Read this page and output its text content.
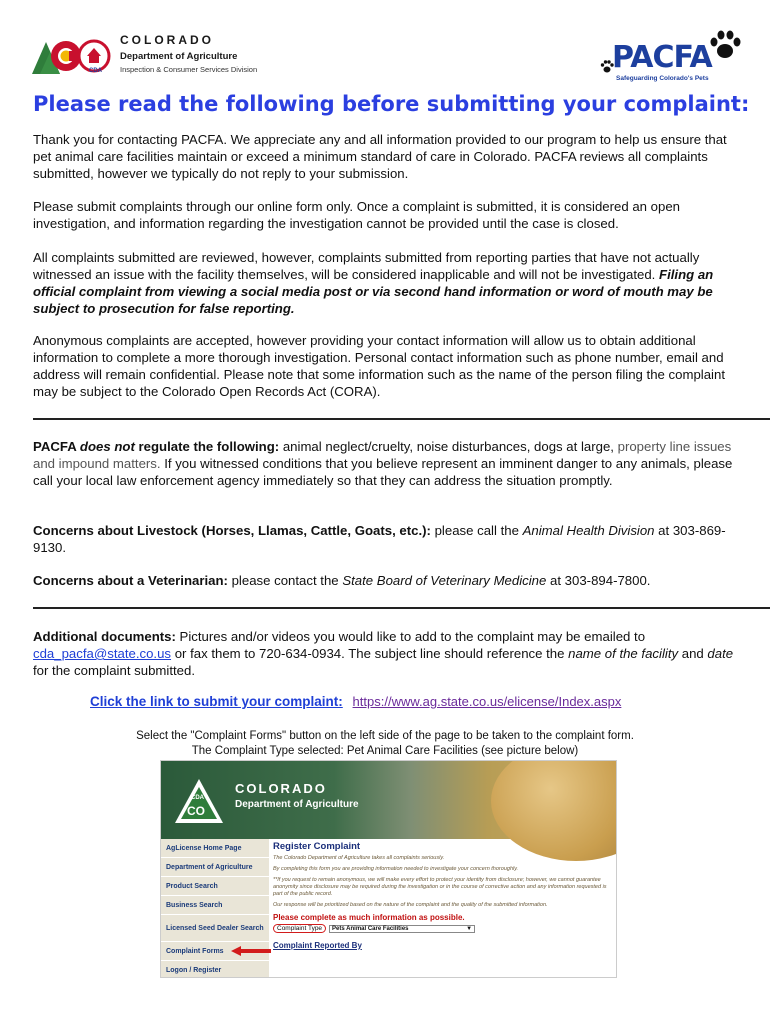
CDA
COLORADO
Department of Agriculture
Inspection & Consumer Services Division	PACFA
Safeguarding Colorado's Pets
Please read the following before submitting your complaint:

Thank you for contacting PACFA. We appreciate any and all information provided to our program to help us ensure that pet animal care facilities maintain or exceed a minimum standard of care in Colorado. PACFA reviews all complaints submitted, however we typically do not reply to your submission.

Please submit complaints through our online form only. Once a complaint is submitted, it is considered an open investigation, and information regarding the investigation cannot be provided until the case is closed.

All complaints submitted are reviewed, however, complaints submitted from reporting parties that have not actually witnessed an issue with the facility themselves, will be considered inapplicable and will not be investigated. Filing an official complaint from viewing a social media post or via second hand information or word of mouth may be subject to prosecution for false reporting.

Anonymous complaints are accepted, however providing your contact information will allow us to obtain additional information to complete a more thorough investigation. Personal contact information such as phone number, email and address will remain confidential. Please note that some information such as the name of the person filing the complaint may be subject to the Colorado Open Records Act (CORA).

PACFA does not regulate the following: animal neglect/cruelty, noise disturbances, dogs at large, property line issues and impound matters. If you witnessed conditions that you believe represent an imminent danger to any animals, please call your local law enforcement agency immediately so that they can address the situation promptly.

Concerns about Livestock (Horses, Llamas, Cattle, Goats, etc.): please call the Animal Health Division at 303-869-9130.

Concerns about a Veterinarian: please contact the State Board of Veterinary Medicine at 303-894-7800.

Additional documents: Pictures and/or videos you would like to add to the complaint may be emailed to cda_pacfa@state.co.us or fax them to 720-634-0934. The subject line should reference the name of the facility and date for the complaint submitted.

Click the link to submit your complaint: https://www.ag.state.co.us/elicense/Index.aspx
Select the "Complaint Forms" button on the left side of the page to be taken to the complaint form.
The Complaint Type selected: Pet Animal Care Facilities (see picture below)
CDA
CO
COLORADO
Department of Agriculture
AgLicense Home Page
Department of Agriculture
Product Search
Business Search
Licensed Seed Dealer Search
Complaint Forms
Logon / Register
Register Complaint

The Colorado Department of Agriculture takes all complaints seriously.

By completing this form you are providing information needed to investigate your concern thoroughly.

**If you request to remain anonymous, we will make every effort to protect your identity from disclosure; however, we cannot guarantee anonymity since disclosure may be required during the investigation or in the course of corrective action and any information requested is part of the public record.

Our response will be prioritized based on the nature of the complaint and the quality of the submitted information.

Please complete as much information as possible.
Complaint Type	Pets Animal Care Facilities	▼
Complaint Reported By
